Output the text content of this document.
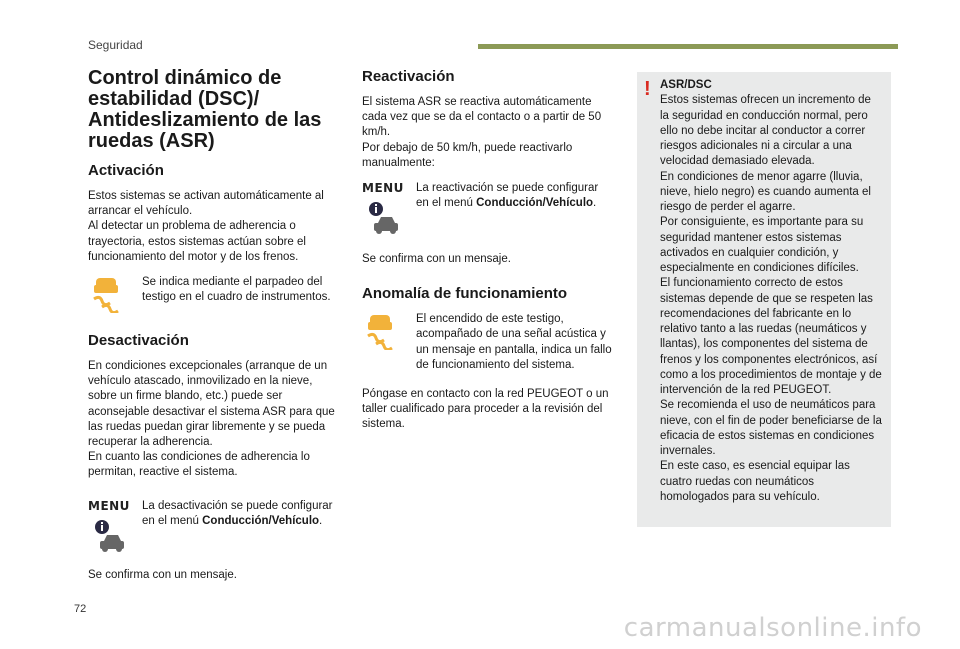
Seguridad
Control dinámico de estabilidad (DSC)/ Antideslizamiento de las ruedas (ASR)
Activación

Estos sistemas se activan automáticamente al arrancar el vehículo.
Al detectar un problema de adherencia o trayectoria, estos sistemas actúan sobre el funcionamiento del motor y de los frenos.

Se indica mediante el parpadeo del testigo en el cuadro de instrumentos.

Desactivación

En condiciones excepcionales (arranque de un vehículo atascado, inmovilizado en la nieve, sobre un firme blando, etc.) puede ser aconsejable desactivar el sistema ASR para que las ruedas puedan girar libremente y se pueda recuperar la adherencia.
En cuanto las condiciones de adherencia lo permitan, reactive el sistema.

MENU	La desactivación se puede configurar en el menú Conducción/Vehículo.

Se confirma con un mensaje.

Reactivación

El sistema ASR se reactiva automáticamente cada vez que se da el contacto o a partir de 50 km/h.
Por debajo de 50 km/h, puede reactivarlo manualmente:

MENU	La reactivación se puede configurar en el menú Conducción/Vehículo.

Se confirma con un mensaje.

Anomalía de funcionamiento

El encendido de este testigo, acompañado de una señal acústica y un mensaje en pantalla, indica un fallo de funcionamiento del sistema.

Póngase en contacto con la red PEUGEOT o un taller cualificado para proceder a la revisión del sistema.

! ASR/DSC

Estos sistemas ofrecen un incremento de la seguridad en conducción normal, pero ello no debe incitar al conductor a correr riesgos adicionales ni a circular a una velocidad demasiado elevada.
En condiciones de menor agarre (lluvia, nieve, hielo negro) es cuando aumenta el riesgo de perder el agarre.
Por consiguiente, es importante para su seguridad mantener estos sistemas activados en cualquier condición, y especialmente en condiciones difíciles.
El funcionamiento correcto de estos sistemas depende de que se respeten las recomendaciones del fabricante en lo relativo tanto a las ruedas (neumáticos y llantas), los componentes del sistema de frenos y los componentes electrónicos, así como a los procedimientos de montaje y de intervención de la red PEUGEOT.
Se recomienda el uso de neumáticos para nieve, con el fin de poder beneficiarse de la eficacia de estos sistemas en condiciones invernales.
En este caso, es esencial equipar las cuatro ruedas con neumáticos homologados para su vehículo.

72
carmanualsonline.info
